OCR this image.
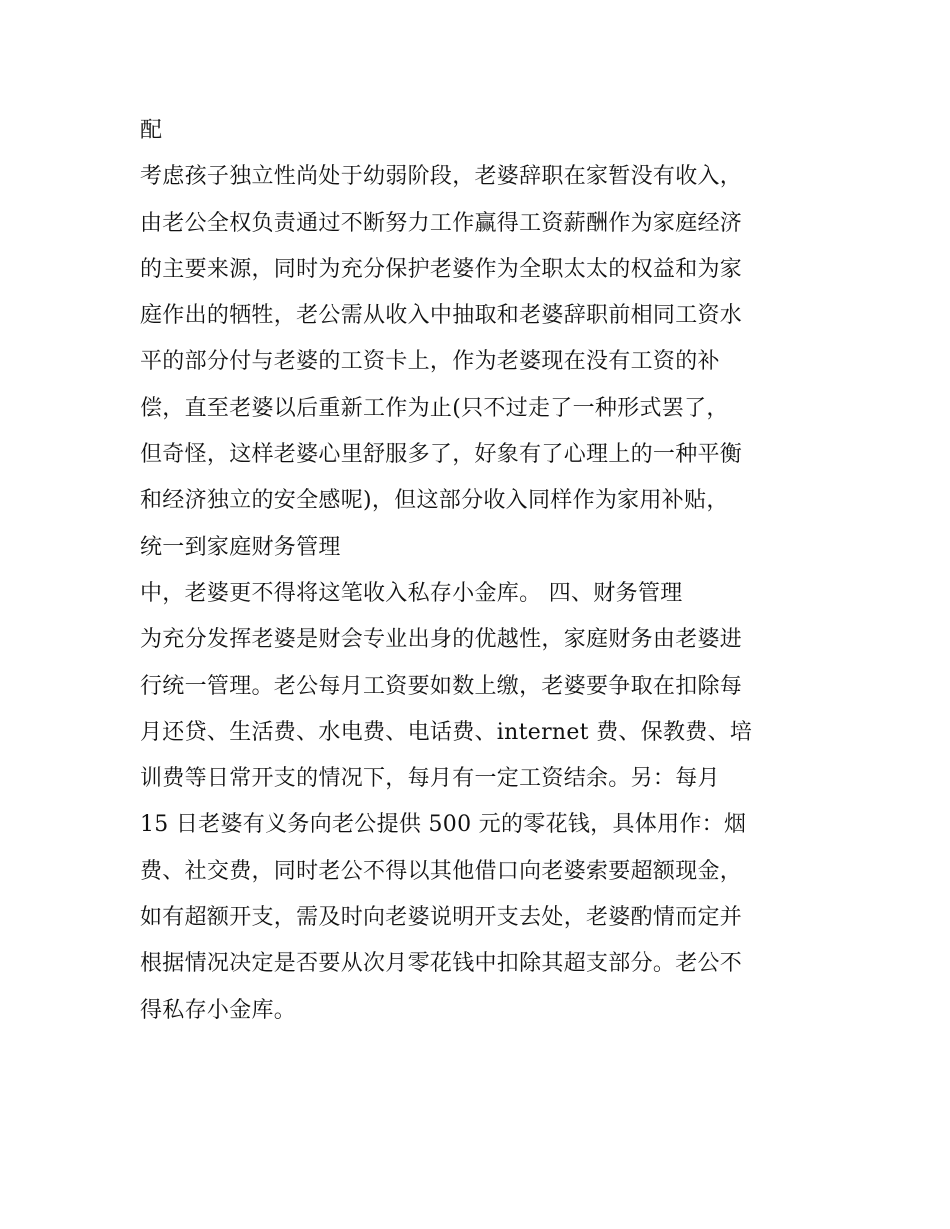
配
考虑孩子独立性尚处于幼弱阶段，老婆辞职在家暂没有收入，
由老公全权负责通过不断努力工作赢得工资薪酬作为家庭经济
的主要来源，同时为充分保护老婆作为全职太太的权益和为家
庭作出的牺牲，老公需从收入中抽取和老婆辞职前相同工资水
平的部分付与老婆的工资卡上，作为老婆现在没有工资的补
偿，直至老婆以后重新工作为止(只不过走了一种形式罢了，
但奇怪，这样老婆心里舒服多了，好象有了心理上的一种平衡
和经济独立的安全感呢)，但这部分收入同样作为家用补贴，
统一到家庭财务管理
中，老婆更不得将这笔收入私存小金库。 四、财务管理
为充分发挥老婆是财会专业出身的优越性，家庭财务由老婆进
行统一管理。老公每月工资要如数上缴，老婆要争取在扣除每
月还贷、生活费、水电费、电话费、internet 费、保教费、培
训费等日常开支的情况下，每月有一定工资结余。另：每月
15 日老婆有义务向老公提供 500 元的零花钱，具体用作：烟
费、社交费，同时老公不得以其他借口向老婆索要超额现金，
如有超额开支，需及时向老婆说明开支去处，老婆酌情而定并
根据情况决定是否要从次月零花钱中扣除其超支部分。老公不
得私存小金库。
